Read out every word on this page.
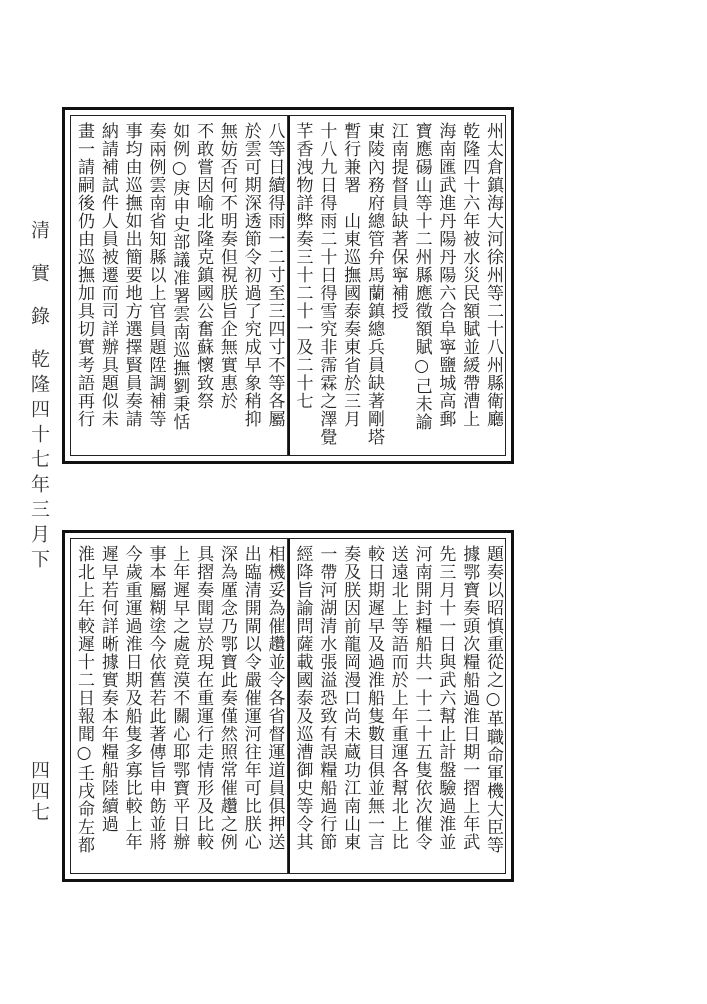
清實錄乾隆四十七年三月下
四四七
州太倉鎮海大河徐州等二十八州縣衛廳
乾隆四十六年被水災民額賦並緩帶漕上
海南匯武進丹陽丹陽六合阜寧鹽城高郵
寶應碭山等十二州縣應徵額賦○己未諭
江南提督員缺著保寧補授
東陵內務府總管弁馬蘭鎮總兵員缺著剛塔
暫行兼署　山東巡撫國泰奏東省於三月
十八九日得雨二十日得雪究非霈霖之澤覺
芊香洩物詳弊奏三十二十一及二十七
八等日續得雨一二寸至三四寸不等各屬
於雲可期深透節令初過了究成早象稍抑
無妨否何不明奏但視朕旨企無實惠於
不敢嘗因喻北隆克鎮國公奮蘇懷致祭
如例○庚申史部議准署雲南巡撫劉秉恬
奏兩例雲南省知縣以上官員題陞調補等
事均由巡撫如出簡要地方選擇賢員奏請
納請補試件人員被遷而司詳辦具題似未
畫一請嗣後仍由巡撫加具切實考語再行
題奏以昭慎重從之○革職命軍機大臣等
據鄂寶奏頭次糧船過淮日期一摺上年武
先三月十一日與武六幫止計盤驗過淮並
河南開封糧船共一十二十五隻依次催令
送遠北上等語而於上年重運各幫北上比
較日期遲早及過淮船隻數目俱並無一言
奏及朕因前龍岡漫口尚未蔵功江南山東
一帶河湖清水張溢恐致有誤糧船過行節
經降旨諭問薩載國泰及巡漕御史等令其
相機妥為催趲並令各省督運道員俱押送
出臨清開閘以令嚴催運河往年可比朕心
深為厪念乃鄂寶此奏僅然照常催趲之例
具摺奏聞豈於現在重運行走情形及比較
上年遲早之處竟漠不關心耶鄂寶平日辦
事本屬糊塗今依舊若此著傳旨申飭並將
今歲重運過淮日期及船隻多寡比較上年
遲早若何詳晰據實奏本年糧船陸續過
淮北上年較遲十二日報聞○壬戌命左都
